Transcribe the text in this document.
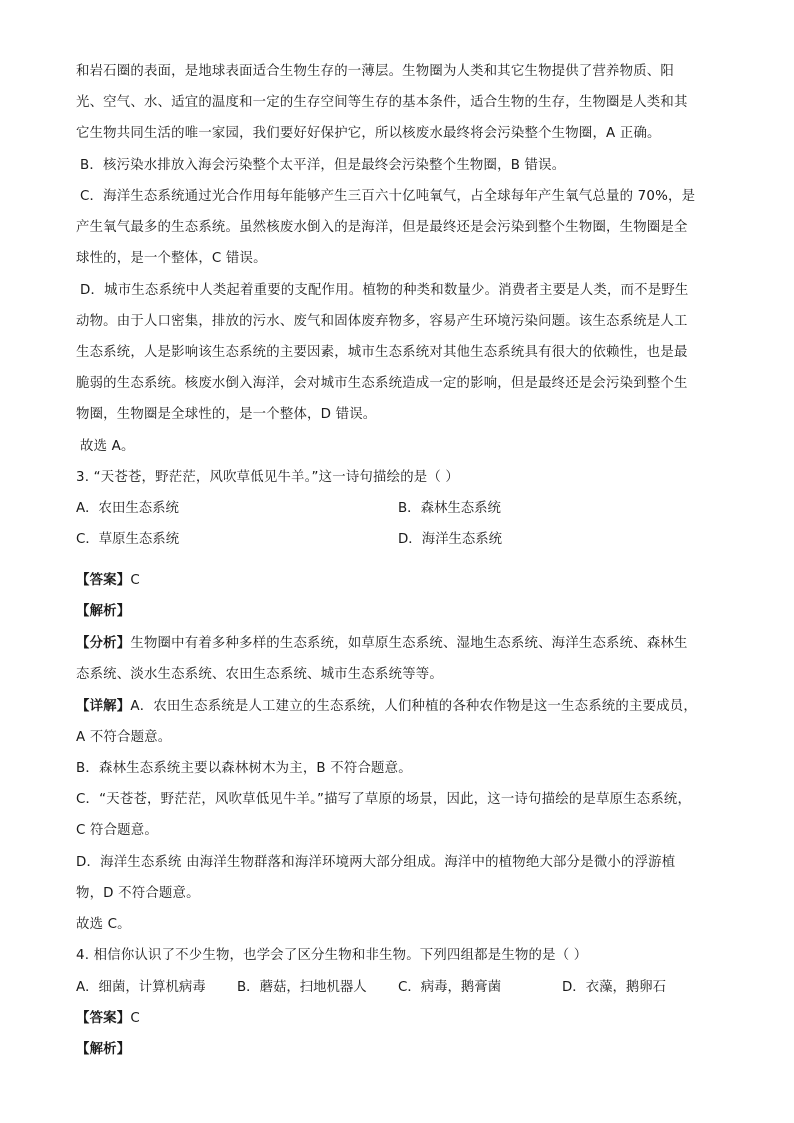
和岩石圈的表面，是地球表面适合生物生存的一薄层。生物圈为人类和其它生物提供了营养物质、阳
光、空气、水、适宜的温度和一定的生存空间等生存的基本条件，适合生物的生存，生物圈是人类和其
它生物共同生活的唯一家园，我们要好好保护它，所以核废水最终将会污染整个生物圈，A 正确。
B．核污染水排放入海会污染整个太平洋，但是最终会污染整个生物圈，B 错误。
C．海洋生态系统通过光合作用每年能够产生三百六十亿吨氧气，占全球每年产生氧气总量的 70%，是
产生氧气最多的生态系统。虽然核废水倒入的是海洋，但是最终还是会污染到整个生物圈，生物圈是全
球性的，是一个整体，C 错误。
D．城市生态系统中人类起着重要的支配作用。植物的种类和数量少。消费者主要是人类，而不是野生
动物。由于人口密集，排放的污水、废气和固体废弃物多，容易产生环境污染问题。该生态系统是人工
生态系统，人是影响该生态系统的主要因素，城市生态系统对其他生态系统具有很大的依赖性，也是最
脆弱的生态系统。核废水倒入海洋，会对城市生态系统造成一定的影响，但是最终还是会污染到整个生
物圈，生物圈是全球性的，是一个整体，D 错误。
故选 A。
3. “天苍苍，野茫茫，风吹草低见牛羊。”这一诗句描绘的是（ ）
A．农田生态系统	B．森林生态系统
C．草原生态系统	D．海洋生态系统
【答案】C
【解析】
【分析】生物圈中有着多种多样的生态系统，如草原生态系统、湿地生态系统、海洋生态系统、森林生
态系统、淡水生态系统、农田生态系统、城市生态系统等等。
【详解】A．农田生态系统是人工建立的生态系统，人们种植的各种农作物是这一生态系统的主要成员，
A 不符合题意。
B．森林生态系统主要以森林树木为主，B 不符合题意。
C．“天苍苍，野茫茫，风吹草低见牛羊。”描写了草原的场景，因此，这一诗句描绘的是草原生态系统，
C 符合题意。
D．海洋生态系统 由海洋生物群落和海洋环境两大部分组成。海洋中的植物绝大部分是微小的浮游植
物，D 不符合题意。
故选 C。
4. 相信你认识了不少生物，也学会了区分生物和非生物。下列四组都是生物的是（ ）
A．细菌，计算机病毒 B．蘑菇，扫地机器人 C．病毒，鹅膏菌	D．衣藻，鹅卵石
【答案】C
【解析】
